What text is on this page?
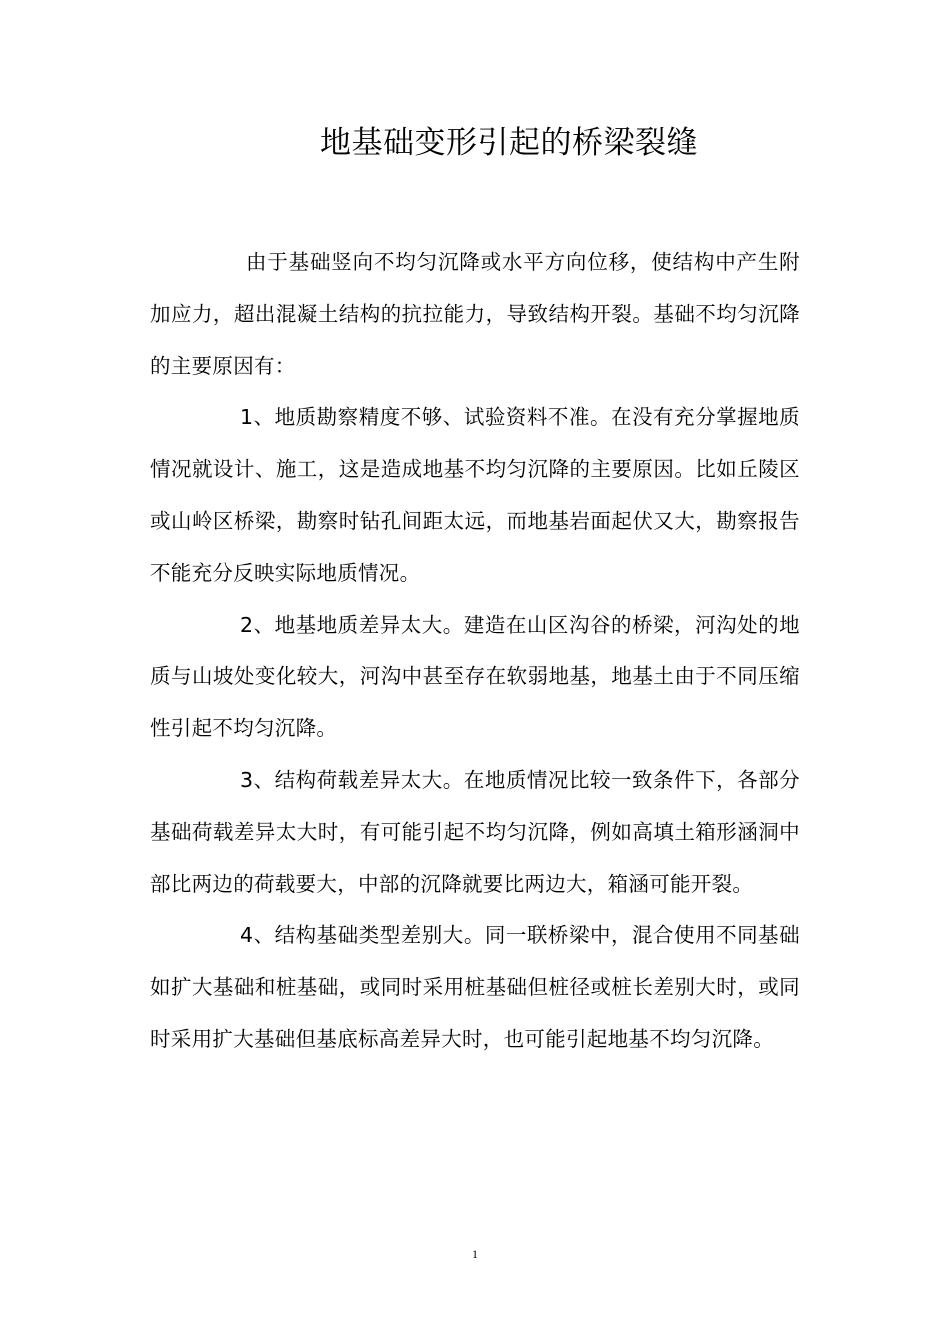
地基础变形引起的桥梁裂缝

由于基础竖向不均匀沉降或水平方向位移，使结构中产生附加应力，超出混凝土结构的抗拉能力，导致结构开裂。基础不均匀沉降的主要原因有：

1、地质勘察精度不够、试验资料不准。在没有充分掌握地质情况就设计、施工，这是造成地基不均匀沉降的主要原因。比如丘陵区或山岭区桥梁，勘察时钻孔间距太远，而地基岩面起伏又大，勘察报告不能充分反映实际地质情况。

2、地基地质差异太大。建造在山区沟谷的桥梁，河沟处的地质与山坡处变化较大，河沟中甚至存在软弱地基，地基土由于不同压缩性引起不均匀沉降。

3、结构荷载差异太大。在地质情况比较一致条件下，各部分基础荷载差异太大时，有可能引起不均匀沉降，例如高填土箱形涵洞中部比两边的荷载要大，中部的沉降就要比两边大，箱涵可能开裂。

4、结构基础类型差别大。同一联桥梁中，混合使用不同基础如扩大基础和桩基础，或同时采用桩基础但桩径或桩长差别大时，或同时采用扩大基础但基底标高差异大时，也可能引起地基不均匀沉降。

1
